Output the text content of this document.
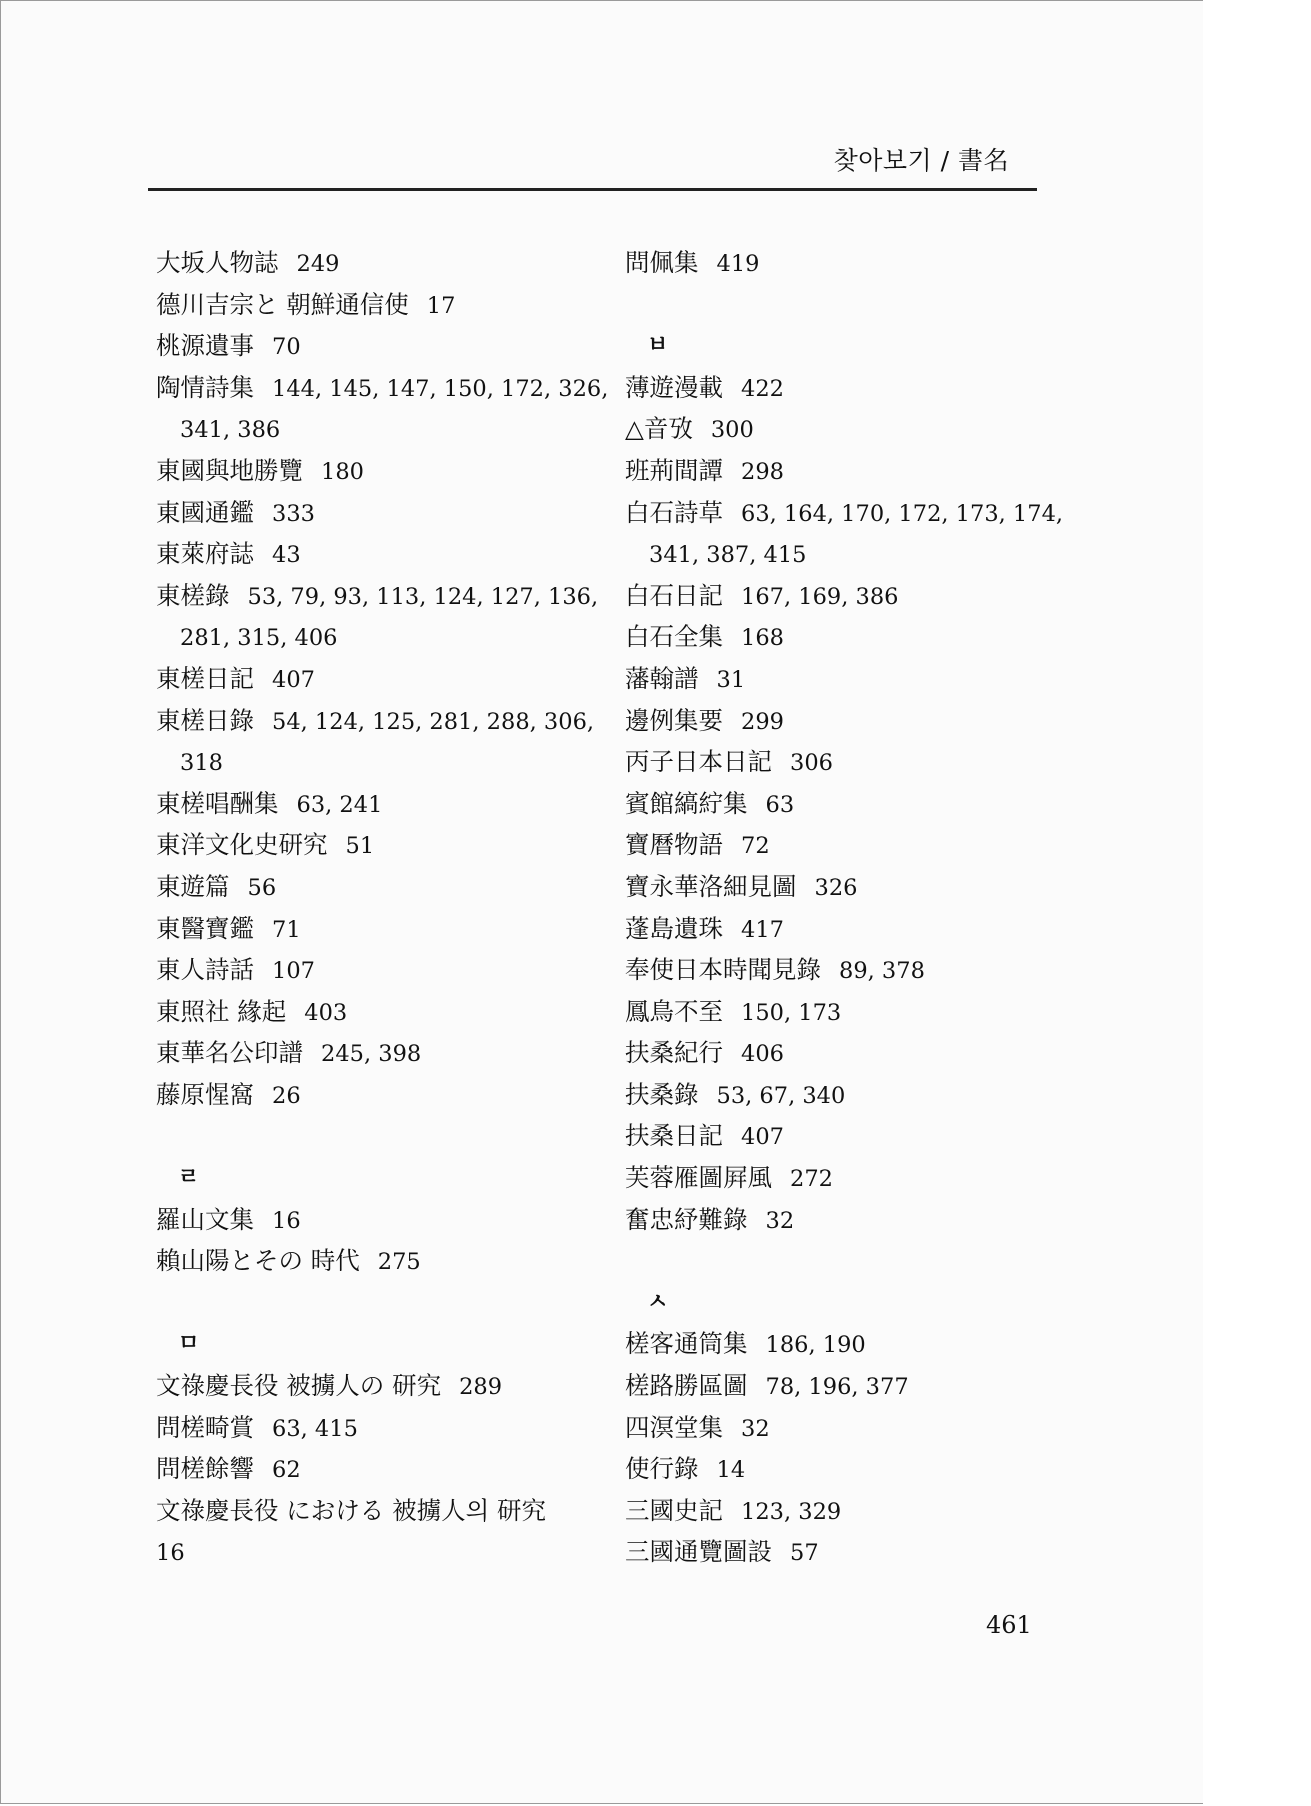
찾아보기 / 書名
大坂人物誌 249
德川吉宗と 朝鮮通信使 17
桃源遺事 70
陶情詩集 144, 145, 147, 150, 172, 326,
341, 386
東國與地勝覽 180
東國通鑑 333
東萊府誌 43
東槎錄 53, 79, 93, 113, 124, 127, 136,
281, 315, 406
東槎日記 407
東槎日錄 54, 124, 125, 281, 288, 306,
318
東槎唱酬集 63, 241
東洋文化史研究 51
東遊篇 56
東醫寶鑑 71
東人詩話 107
東照社 緣起 403
東華名公印譜 245, 398
藤原惺窩 26
ㄹ
羅山文集 16
賴山陽とその 時代 275
ㅁ
文祿慶長役 被擄人の 研究 289
問槎畸賞 63, 415
問槎餘響 62
文祿慶長役 における 被擄人의 研究
16
問佩集 419
ㅂ
薄遊漫載 422
△音攷 300
班荊間譚 298
白石詩草 63, 164, 170, 172, 173, 174,
341, 387, 415
白石日記 167, 169, 386
白石全集 168
藩翰譜 31
邊例集要 299
丙子日本日記 306
賓館縞紵集 63
寶曆物語 72
寶永華洛細見圖 326
蓬島遺珠 417
奉使日本時聞見錄 89, 378
鳳鳥不至 150, 173
扶桑紀行 406
扶桑錄 53, 67, 340
扶桑日記 407
芙蓉雁圖屛風 272
奮忠紓難錄 32
ㅅ
槎客通筒集 186, 190
槎路勝區圖 78, 196, 377
四溟堂集 32
使行錄 14
三國史記 123, 329
三國通覽圖設 57
461
